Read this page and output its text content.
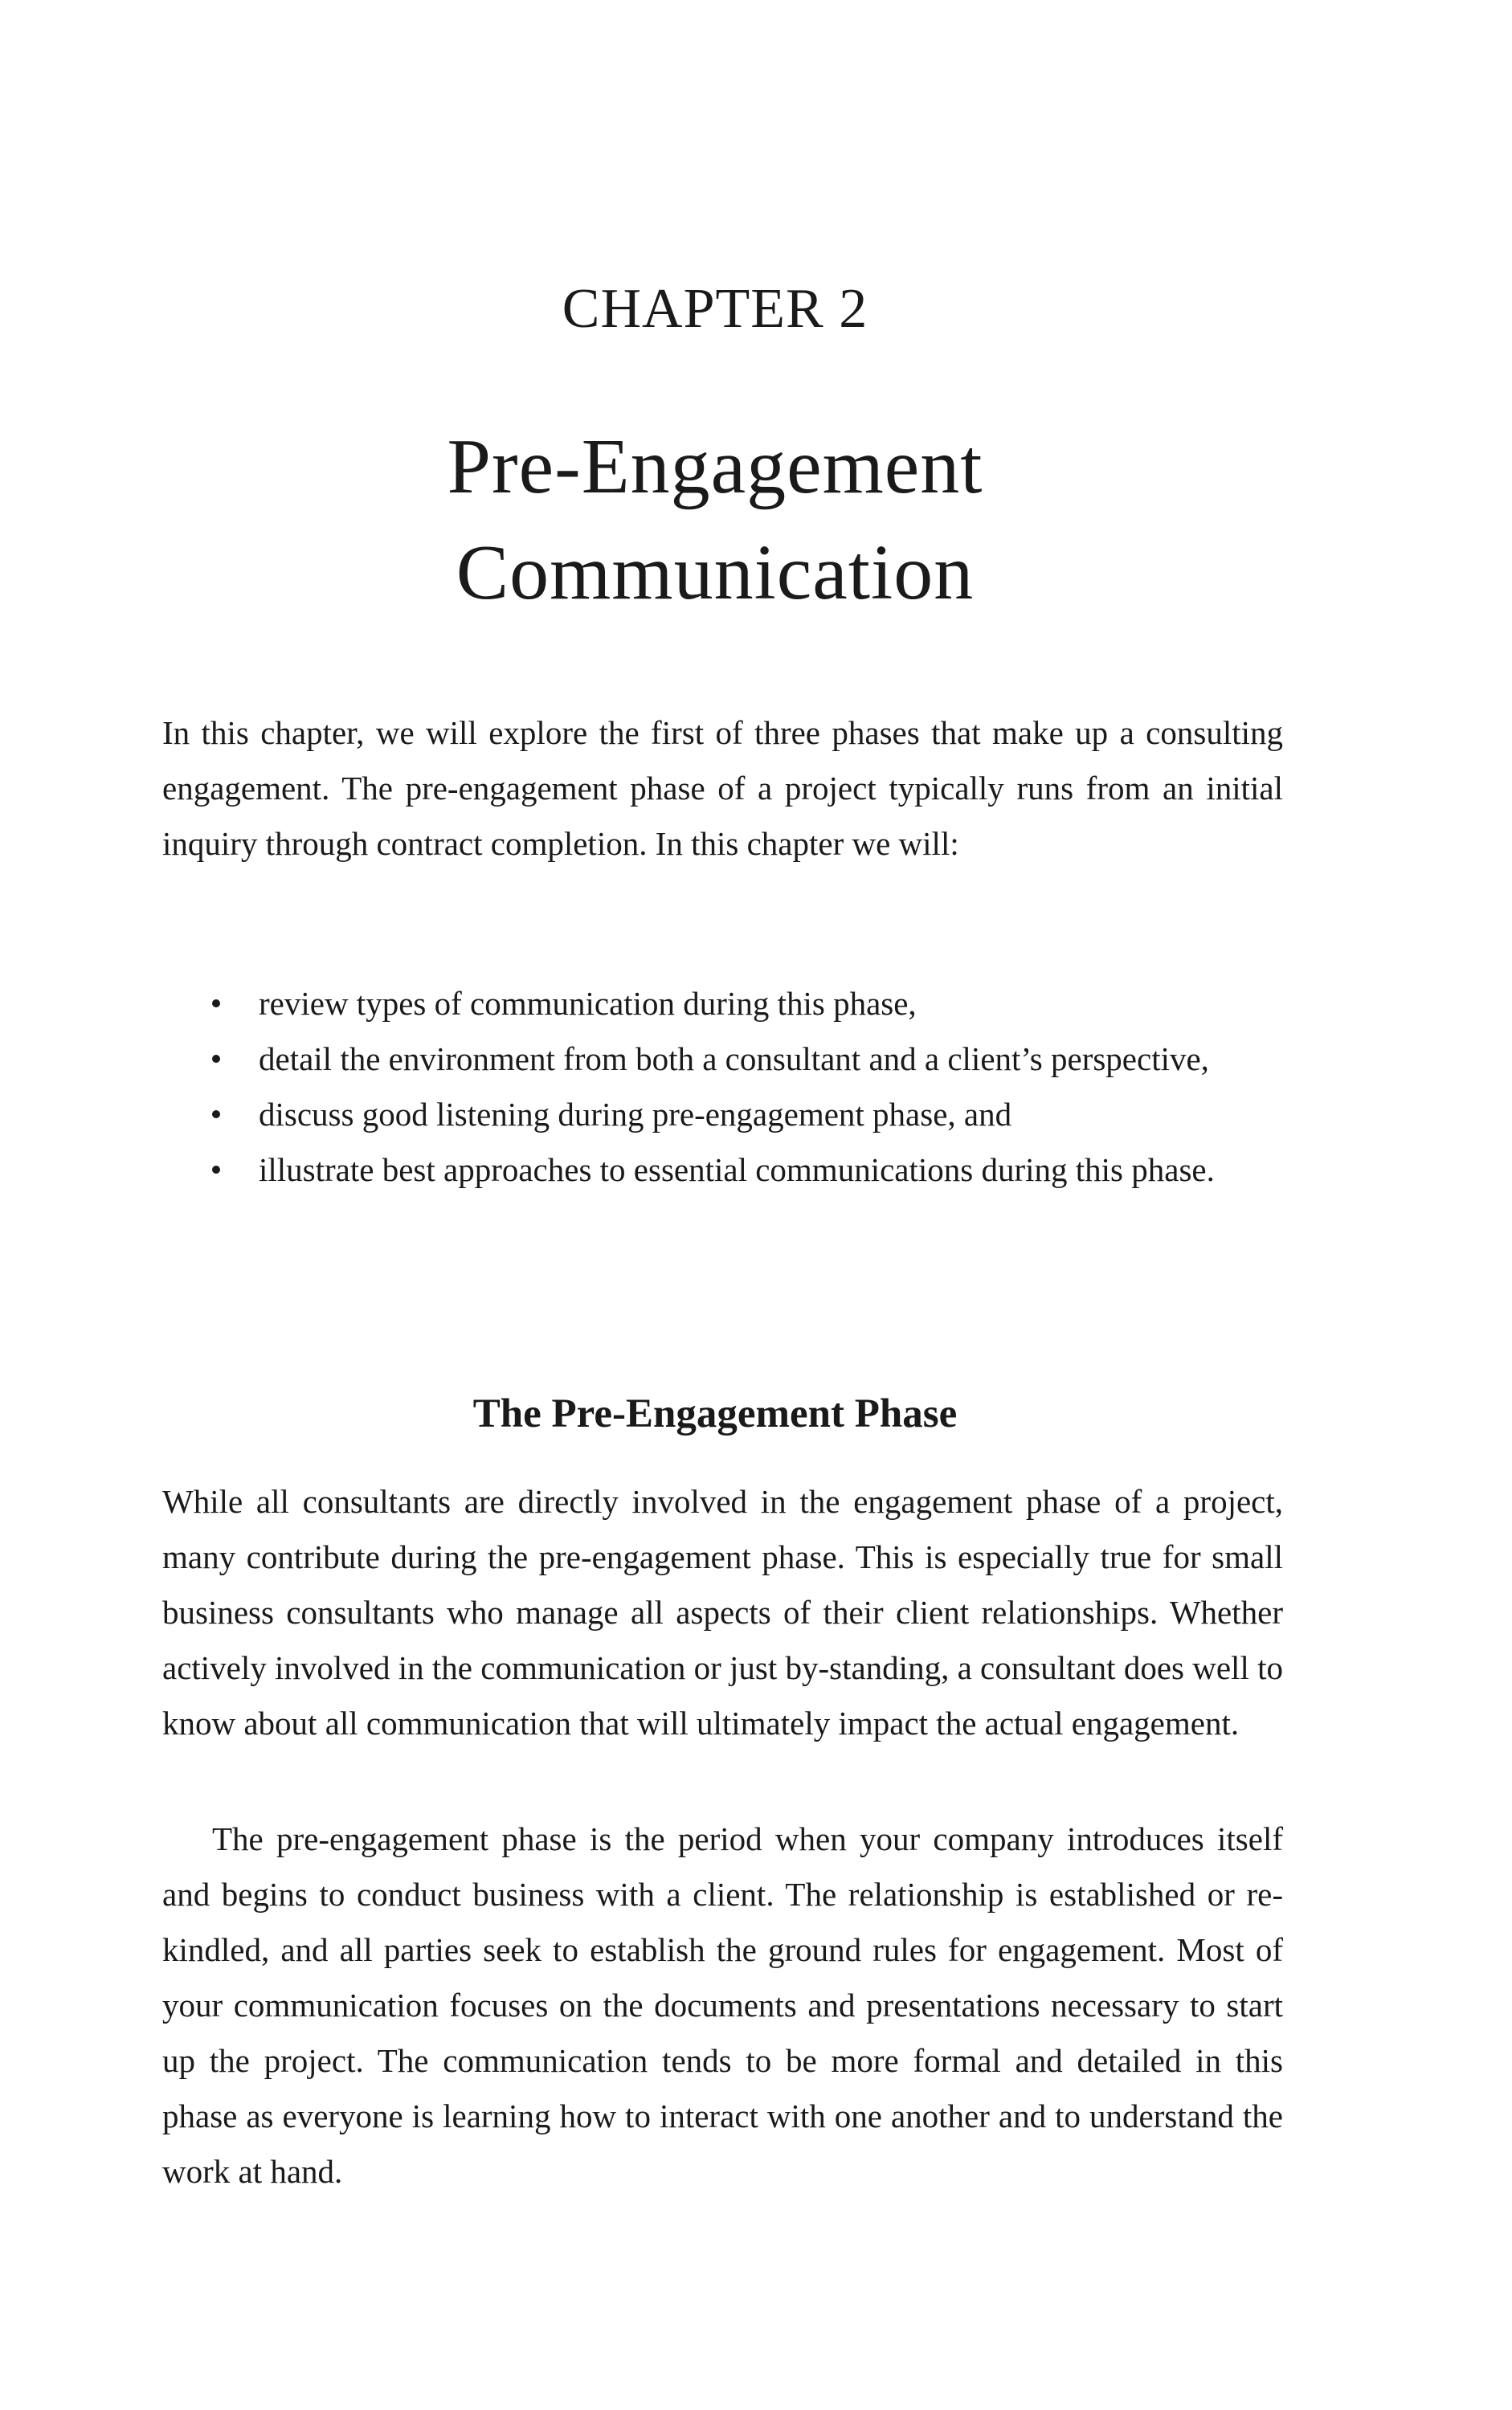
CHAPTER 2
Pre-Engagement
Communication

In this chapter, we will explore the first of three phases that make up a consulting engagement. The pre-engagement phase of a project typically runs from an initial inquiry through contract completion. In this chapter we will:

review types of communication during this phase,
detail the environment from both a consultant and a client’s perspective,
discuss good listening during pre-engagement phase, and
illustrate best approaches to essential communications during this phase.
The Pre-Engagement Phase

While all consultants are directly involved in the engagement phase of a project, many contribute during the pre-engagement phase. This is especially true for small business consultants who manage all aspects of their client relationships. Whether actively involved in the communication or just by-standing, a consultant does well to know about all communication that will ultimately impact the actual engagement.

The pre-engagement phase is the period when your company introduces itself and begins to conduct business with a client. The relationship is established or re-kindled, and all parties seek to establish the ground rules for engagement. Most of your communication focuses on the documents and presentations necessary to start up the project. The communication tends to be more formal and detailed in this phase as everyone is learning how to interact with one another and to understand the work at hand.
